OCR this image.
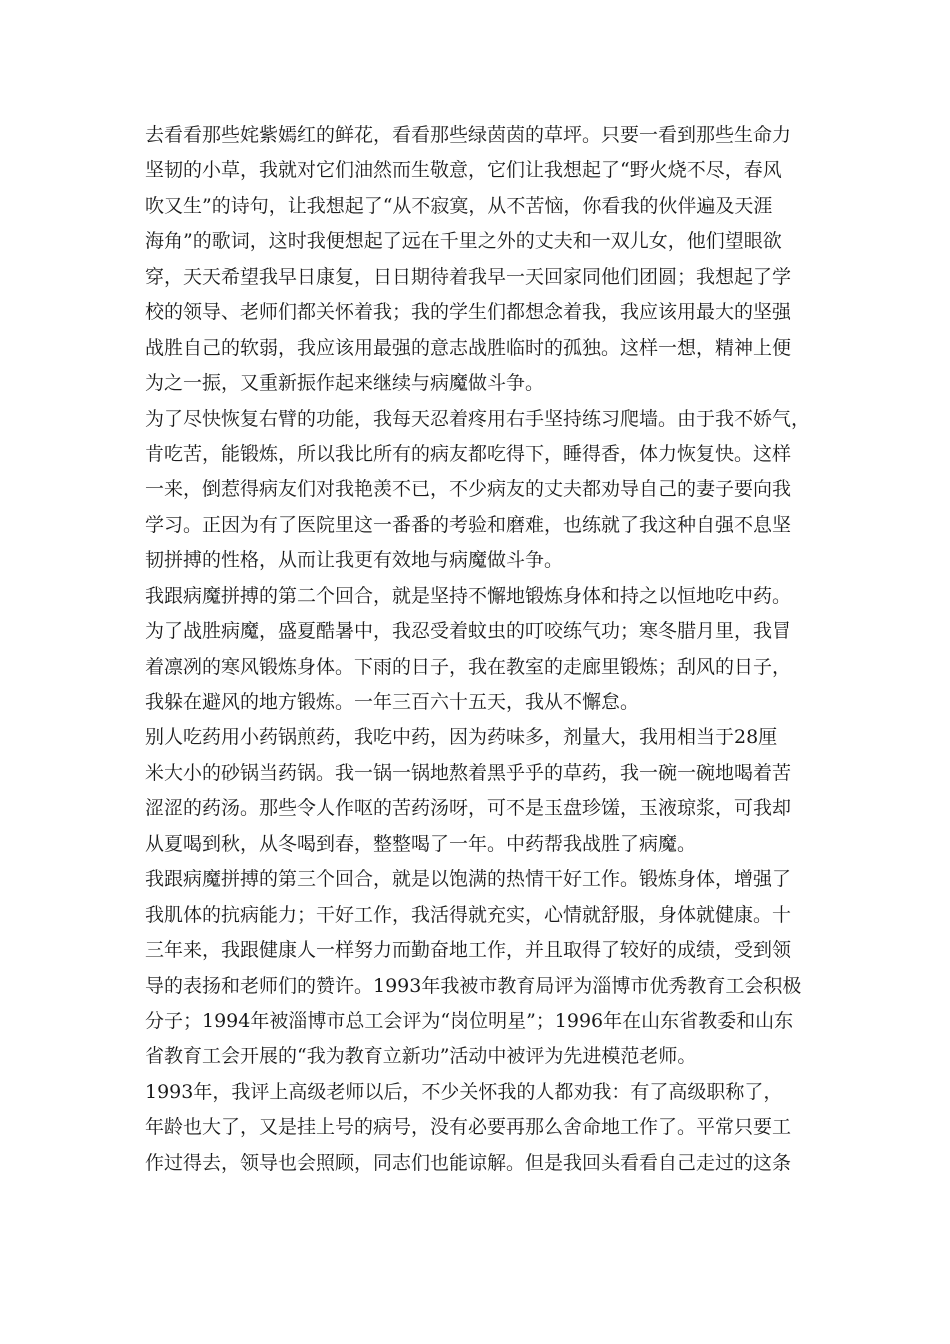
去看看那些姹紫嫣红的鲜花，看看那些绿茵茵的草坪。只要一看到那些生命力
坚韧的小草，我就对它们油然而生敬意，它们让我想起了“野火烧不尽，春风
吹又生”的诗句，让我想起了“从不寂寞，从不苦恼，你看我的伙伴遍及天涯
海角”的歌词，这时我便想起了远在千里之外的丈夫和一双儿女，他们望眼欲
穿，天天希望我早日康复，日日期待着我早一天回家同他们团圆；我想起了学
校的领导、老师们都关怀着我；我的学生们都想念着我，我应该用最大的坚强
战胜自己的软弱，我应该用最强的意志战胜临时的孤独。这样一想，精神上便
为之一振，又重新振作起来继续与病魔做斗争。
为了尽快恢复右臂的功能，我每天忍着疼用右手坚持练习爬墙。由于我不娇气，
肯吃苦，能锻炼，所以我比所有的病友都吃得下，睡得香，体力恢复快。这样
一来，倒惹得病友们对我艳羡不已，不少病友的丈夫都劝导自己的妻子要向我
学习。正因为有了医院里这一番番的考验和磨难，也练就了我这种自强不息坚
韧拼搏的性格，从而让我更有效地与病魔做斗争。
我跟病魔拼搏的第二个回合，就是坚持不懈地锻炼身体和持之以恒地吃中药。
为了战胜病魔，盛夏酷暑中，我忍受着蚊虫的叮咬练气功；寒冬腊月里，我冒
着凛冽的寒风锻炼身体。下雨的日子，我在教室的走廊里锻炼；刮风的日子，
我躲在避风的地方锻炼。一年三百六十五天，我从不懈怠。
别人吃药用小药锅煎药，我吃中药，因为药味多，剂量大，我用相当于28厘
米大小的砂锅当药锅。我一锅一锅地熬着黑乎乎的草药，我一碗一碗地喝着苦
涩涩的药汤。那些令人作呕的苦药汤呀，可不是玉盘珍馐，玉液琼浆，可我却
从夏喝到秋，从冬喝到春，整整喝了一年。中药帮我战胜了病魔。
我跟病魔拼搏的第三个回合，就是以饱满的热情干好工作。锻炼身体，增强了
我肌体的抗病能力；干好工作，我活得就充实，心情就舒服，身体就健康。十
三年来，我跟健康人一样努力而勤奋地工作，并且取得了较好的成绩，受到领
导的表扬和老师们的赞许。1993年我被市教育局评为淄博市优秀教育工会积极
分子；1994年被淄博市总工会评为“岗位明星”；1996年在山东省教委和山东
省教育工会开展的“我为教育立新功”活动中被评为先进模范老师。
1993年，我评上高级老师以后，不少关怀我的人都劝我：有了高级职称了，
年龄也大了，又是挂上号的病号，没有必要再那么舍命地工作了。平常只要工
作过得去，领导也会照顾，同志们也能谅解。但是我回头看看自己走过的这条
